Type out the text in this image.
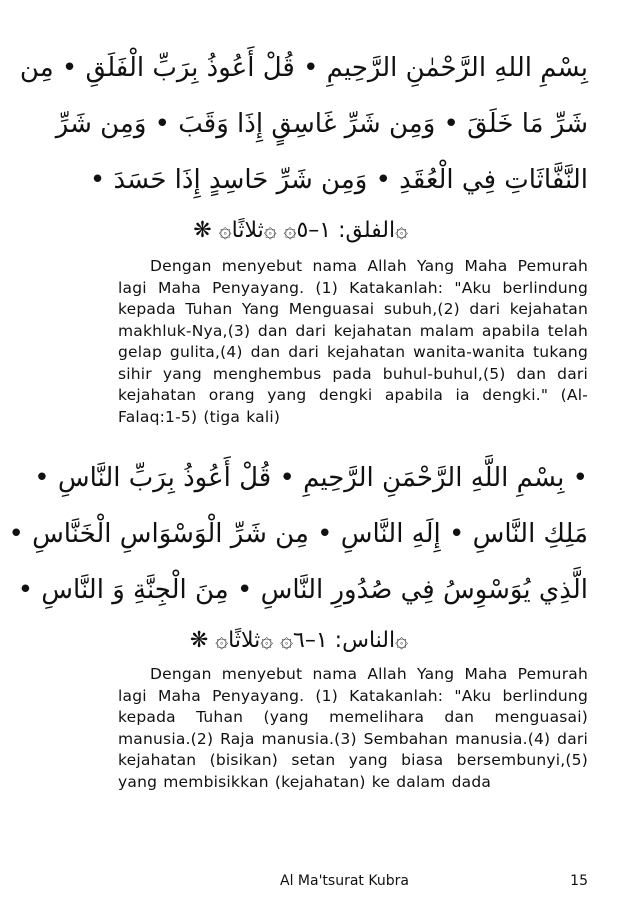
بِسْمِ اللهِ الرَّحْمٰنِ الرَّحِيمِ • قُلْ أَعُوذُ بِرَبِّ الْفَلَقِ • مِن
شَرِّ مَا خَلَقَ • وَمِن شَرِّ غَاسِقٍ إِذَا وَقَبَ • وَمِن شَرِّ
النَّفَّاثَاتِ فِي الْعُقَدِ • وَمِن شَرِّ حَاسِدٍ إِذَا حَسَدَ •
۞الفلق: ١–٥۞ ۞ثلاثًا۞ ❋

Dengan menyebut nama Allah Yang Maha Pemurah lagi Maha Penyayang. (1) Katakanlah: "Aku berlindung kepada Tuhan Yang Menguasai subuh,(2) dari kejahatan makhluk-Nya,(3) dan dari kejahatan malam apabila telah gelap gulita,(4) dan dari kejahatan wanita-wanita tukang sihir yang menghembus pada buhul-buhul,(5) dan dari kejahatan orang yang dengki apabila ia dengki." (Al-Falaq:1-5) (tiga kali)

• بِسْمِ اللَّهِ الرَّحْمَنِ الرَّحِيمِ • قُلْ أَعُوذُ بِرَبِّ النَّاسِ •
مَلِكِ النَّاسِ • إِلَهِ النَّاسِ • مِن شَرِّ الْوَسْوَاسِ الْخَنَّاسِ •
الَّذِي يُوَسْوِسُ فِي صُدُورِ النَّاسِ • مِنَ الْجِنَّةِ وَ النَّاسِ •
۞الناس: ١–٦۞ ۞ثلاثًا۞ ❋

Dengan menyebut nama Allah Yang Maha Pemurah lagi Maha Penyayang. (1) Katakanlah: "Aku berlindung kepada Tuhan (yang memelihara dan menguasai) manusia.(2) Raja manusia.(3) Sembahan manusia.(4) dari kejahatan (bisikan) setan yang biasa bersembunyi,(5) yang membisikkan (kejahatan) ke dalam dada

Al Ma'tsurat Kubra	15
